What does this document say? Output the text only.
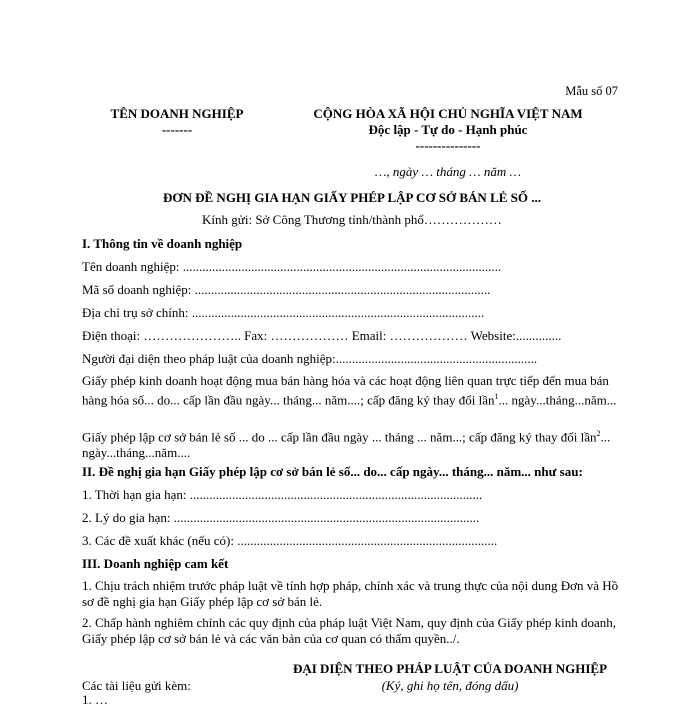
Mẫu số 07
TÊN DOANH NGHIỆP
-------
CỘNG HÒA XÃ HỘI CHỦ NGHĨA VIỆT NAM
Độc lập - Tự do - Hạnh phúc
---------------
…, ngày … tháng … năm …
ĐƠN ĐỀ NGHỊ GIA HẠN GIẤY PHÉP LẬP CƠ SỞ BÁN LẺ SỐ ...
Kính gửi: Sở Công Thương tỉnh/thành phố………………
I. Thông tin về doanh nghiệp
Tên doanh nghiệp: ..................................................................................................
Mã số doanh nghiệp: ...........................................................................................
Địa chỉ trụ sở chính: ..........................................................................................
Điện thoại: ………………….. Fax: ……………… Email: ……………… Website:..............
Người đại diện theo pháp luật của doanh nghiệp:..............................................................
Giấy phép kinh doanh hoạt động mua bán hàng hóa và các hoạt động liên quan trực tiếp đến mua bán hàng hóa số... do... cấp lần đầu ngày... tháng... năm....; cấp đăng ký thay đổi lần$^1$... ngày...tháng...năm...
Giấy phép lập cơ sở bán lẻ số ... do ... cấp lần đầu ngày ... tháng ... năm...; cấp đăng ký thay đổi lần$^2$... ngày...tháng...năm....
II. Đề nghị gia hạn Giấy phép lập cơ sở bán lẻ số... do... cấp ngày... tháng... năm... như sau:
1. Thời hạn gia hạn: ..........................................................................................
2. Lý do gia hạn: ..............................................................................................
3. Các đề xuất khác (nếu có): ................................................................................
III. Doanh nghiệp cam kết
1. Chịu trách nhiệm trước pháp luật về tính hợp pháp, chính xác và trung thực của nội dung Đơn và Hồ sơ đề nghị gia hạn Giấy phép lập cơ sở bán lẻ.
2. Chấp hành nghiêm chỉnh các quy định của pháp luật Việt Nam, quy định của Giấy phép kinh doanh, Giấy phép lập cơ sở bán lẻ và các văn bản của cơ quan có thẩm quyền../.
ĐẠI DIỆN THEO PHÁP LUẬT CỦA DOANH NGHIỆP
(Ký, ghi họ tên, đóng dấu)
Các tài liệu gửi kèm:
1. …
